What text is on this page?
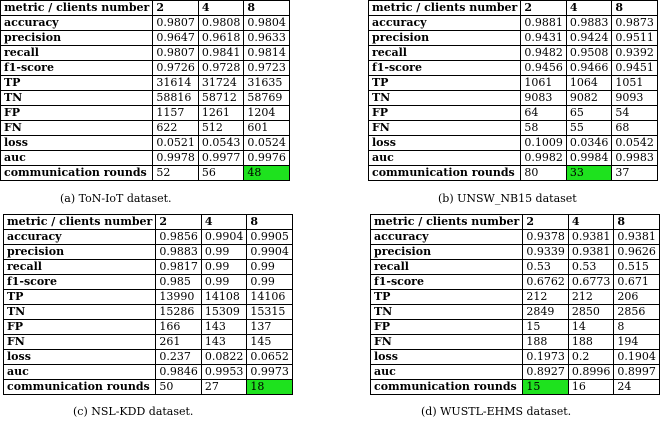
metric / clients number	2	4	8
accuracy	0.9807	0.9808	0.9804
precision	0.9647	0.9618	0.9633
recall	0.9807	0.9841	0.9814
f1-score	0.9726	0.9728	0.9723
TP	31614	31724	31635
TN	58816	58712	58769
FP	1157	1261	1204
FN	622	512	601
loss	0.0521	0.0543	0.0524
auc	0.9978	0.9977	0.9976
communication rounds	52	56	48
metric / clients number	2	4	8
accuracy	0.9881	0.9883	0.9873
precision	0.9431	0.9424	0.9511
recall	0.9482	0.9508	0.9392
f1-score	0.9456	0.9466	0.9451
TP	1061	1064	1051
TN	9083	9082	9093
FP	64	65	54
FN	58	55	68
loss	0.1009	0.0346	0.0542
auc	0.9982	0.9984	0.9983
communication rounds	80	33	37
metric / clients number	2	4	8
accuracy	0.9856	0.9904	0.9905
precision	0.9883	0.99	0.9904
recall	0.9817	0.99	0.99
f1-score	0.985	0.99	0.99
TP	13990	14108	14106
TN	15286	15309	15315
FP	166	143	137
FN	261	143	145
loss	0.237	0.0822	0.0652
auc	0.9846	0.9953	0.9973
communication rounds	50	27	18
metric / clients number	2	4	8
accuracy	0.9378	0.9381	0.9381
precision	0.9339	0.9381	0.9626
recall	0.53	0.53	0.515
f1-score	0.6762	0.6773	0.671
TP	212	212	206
TN	2849	2850	2856
FP	15	14	8
FN	188	188	194
loss	0.1973	0.2	0.1904
auc	0.8927	0.8996	0.8997
communication rounds	15	16	24
(a) ToN-IoT dataset.	(b) UNSW_NB15 dataset
(c) NSL-KDD dataset.	(d) WUSTL-EHMS dataset.
